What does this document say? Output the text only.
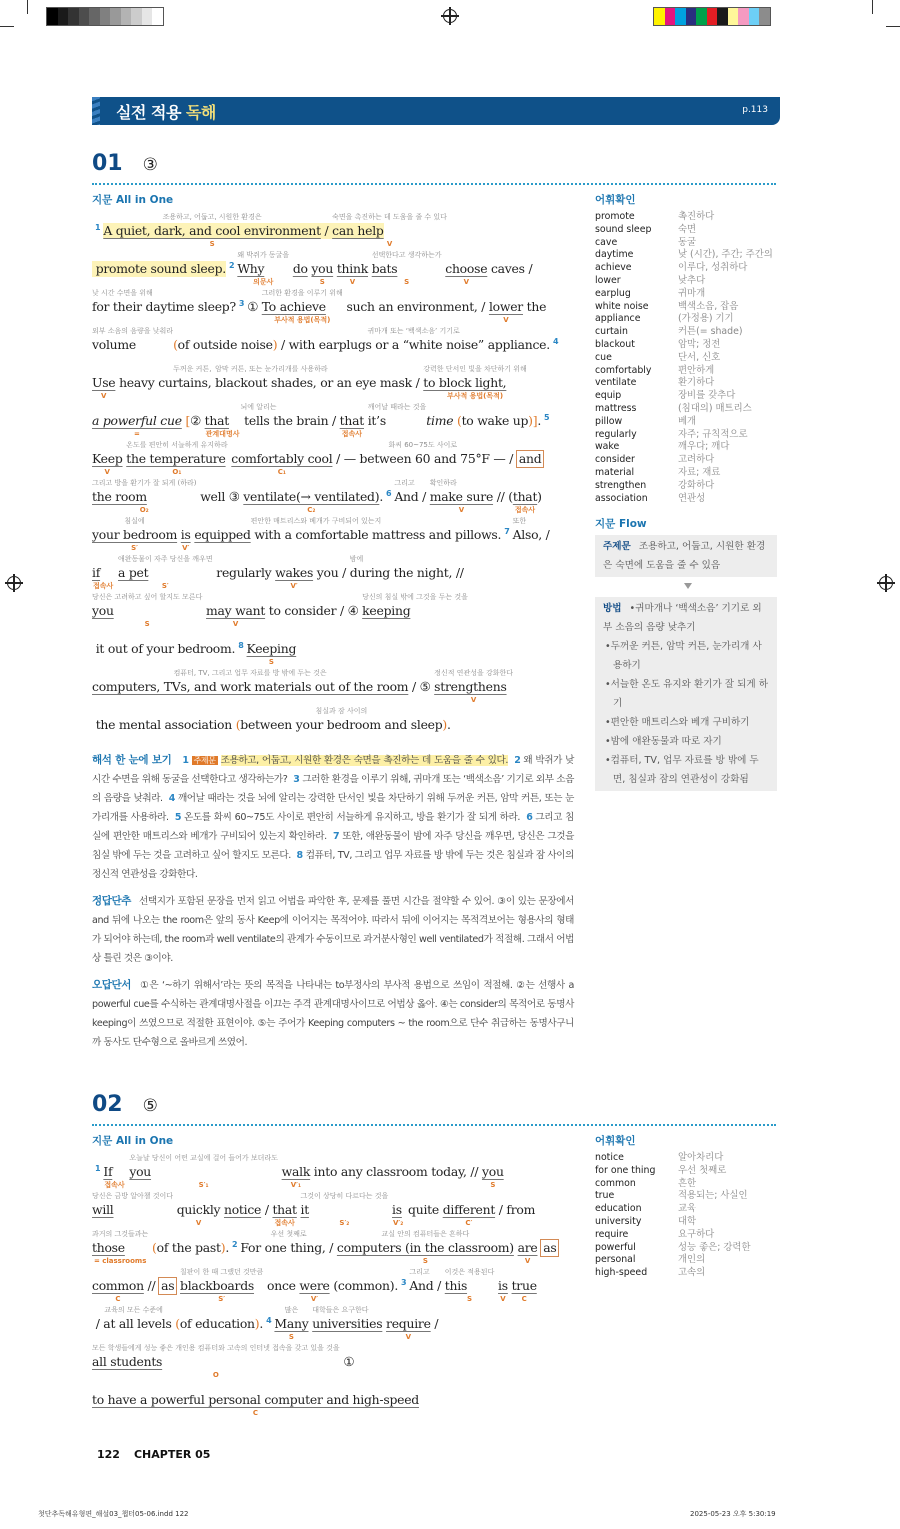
실전 적용 독해	p.113
01 ③
지문 All in One
1
조용하고, 어둡고, 시원한 환경은
A quiet, dark, and cool environment
S
/
숙면을 촉진하는 데 도움을 줄 수 있다
can help
V
promote sound sleep. 2
왜 박쥐가 동굴을
Why
의문사

do
you
S

think
V

선택한다고 생각하는가
bats
S

choose
V
caves /
낮 시간 수면을 위해
for their daytime sleep? 3 ①
그러한 환경을 이루기 위해
To achieve
부사적 용법(목적)
such an environment, / lower
V
the

외부 소음의 음량을 낮춰라
volume	( of outside noise )
귀마개 또는 ‘백색소음’ 기기로
/ with earplugs or a “white noise” appliance. 4
Use
V
두꺼운 커튼,
heavy curtains,

암막 커튼, 또는 눈가리개를 사용하라
blackout shades, or an eye mask /
강력한 단서인 빛을 차단하기 위해
to block light,
부사적 용법(목적)

a powerful cue
=

[ ② that
관계대명사
뇌에 알리는
tells the brain / that
접속사

깨어날 때라는 것을
it’s	time
( to wake up )] . 5
Keep
V

온도를 편안히 서늘하게 유지하라
the temperature
O₁

comfortably cool
C₁
화씨 60~75도 사이로
/ — between 60 and 75°F — /
and

그리고 방을 환기가 잘 되게 (하라)
the room
O₂
well ③ ventilate(→ ventilated)
C₂
. 6
그리고
And /
확인하라
make sure
V
// ( that
접속사
)
침실에
your bedroom
S′

is
V′

equipped
편안한 매트리스와 베개가 구비되어 있는지
with a comfortable mattress and pillows. 7
또한
Also, /
if
접속사

애완동물이 자주 당신을 깨우면
a pet
S′
regularly wakes
V′
you /

밤에
during the night, //
당신은 고려하고 싶어 할지도 모른다
you
S

may want
V
to consider / ④
당신의 침실 밖에 그것을 두는 것을
keeping
it out of your bedroom. 8 Keeping
S

컴퓨터, TV, 그리고 업무 자료를 방 밖에 두는 것은
computers, TVs, and work materials out of the room / ⑤
정신적 연관성을 강화한다
strengthens
V
the mental association
(
침실과 잠 사이의
between your bedroom and sleep ) .
해석 한 눈에 보기 1 주제문 조용하고, 어둡고, 시원한 환경은 숙면을 촉진하는 데 도움을 줄 수 있다. 2 왜 박쥐가 낮 시간 수면을 위해 동굴을 선택한다고 생각하는가? 3 그러한 환경을 이루기 위해, 귀마개 또는 ‘백색소음’ 기기로 외부 소음의 음량을 낮춰라. 4 깨어날 때라는 것을 뇌에 알리는 강력한 단서인 빛을 차단하기 위해 두꺼운 커튼, 암막 커튼, 또는 눈가리개를 사용하라. 5 온도를 화씨 60~75도 사이로 편안히 서늘하게 유지하고, 방을 환기가 잘 되게 하라. 6 그리고 침실에 편안한 매트리스와 베개가 구비되어 있는지 확인하라. 7 또한, 애완동물이 밤에 자주 당신을 깨우면, 당신은 그것을 침실 밖에 두는 것을 고려하고 싶어 할지도 모른다. 8 컴퓨터, TV, 그리고 업무 자료를 방 밖에 두는 것은 침실과 잠 사이의 정신적 연관성을 강화한다.
정답단추 선택지가 포함된 문장을 먼저 읽고 어법을 파악한 후, 문제를 풀면 시간을 절약할 수 있어. ③이 있는 문장에서 and 뒤에 나오는 the room은 앞의 동사 Keep에 이어지는 목적어야. 따라서 뒤에 이어지는 목적격보어는 형용사의 형태가 되어야 하는데, the room과 well ventilate의 관계가 수동이므로 과거분사형인 well ventilated가 적절해. 그래서 어법상 틀린 것은 ③이야.
오답단서 ①은 ‘~하기 위해서’라는 뜻의 목적을 나타내는 to부정사의 부사적 용법으로 쓰임이 적절해. ②는 선행사 a powerful cue를 수식하는 관계대명사절을 이끄는 주격 관계대명사이므로 어법상 옳아. ④는 consider의 목적어로 동명사 keeping이 쓰였으므로 적절한 표현이야. ⑤는 주어가 Keeping computers ~ the room으로 단수 취급하는 동명사구니까 동사도 단수형으로 올바르게 쓰였어.
어휘확인
promote	촉진하다
sound sleep	숙면
cave	동굴
daytime	낮 (시간), 주간; 주간의
achieve	이루다, 성취하다
lower	낮추다
earplug	귀마개
white noise	백색소음, 잡음
appliance	(가정용) 기기
curtain	커튼(= shade)
blackout	암막; 정전
cue	단서, 신호
comfortably	편안하게
ventilate	환기하다
equip	장비를 갖추다
mattress	(침대의) 매트리스
pillow	베개
regularly	자주; 규칙적으로
wake	깨우다; 깨다
consider	고려하다
material	자료; 재료
strengthen	강화하다
association	연관성
지문 Flow
주제문 조용하고, 어둡고, 시원한 환경은 숙면에 도움을 줄 수 있음
방법 •귀마개나 ‘백색소음’ 기기로 외부 소음의 음량 낮추기
•두꺼운 커튼, 암막 커튼, 눈가리개 사용하기
•서늘한 온도 유지와 환기가 잘 되게 하기
•편안한 매트리스와 베개 구비하기
•밤에 애완동물과 따로 자기
•컴퓨터, TV, 업무 자료를 방 밖에 두면, 침실과 잠의 연관성이 강화됨
02 ⑤
지문 All in One
1 If
접속사

오늘날 당신이 어떤 교실에 걸어 들어가 보더라도
you
S′₁

walk
V′₁
into any classroom today, // you
S

당신은 금방 알아챌 것이다
will	quickly
V
notice / that
접속사

그것이 상당히 다르다는 것을
it
S′₂

is
V′₂
quite different
C′
/
from
과거의 그것들과는
those
= classrooms

( of the past ) . 2
우선 첫째로
For one thing, /
교실 안의 컴퓨터들은 흔하다
computers (in the classroom)
S

are
V

as

common
C
// as

칠판이 한 때 그랬던 것만큼
blackboards
S′
once were
V′
(common). 3
그리고
And /
이것은 적용된다
this
S

is
V

true
C
교육의 모든 수준에
/ at all levels ( of education ) . 4
많은
Many
S

대학들은 요구한다
universities
require
V
/
모든 학생들에게 성능 좋은 개인용 컴퓨터와 고속의 인터넷 접속을 갖고 있을 것을
all students
O
①
to have a powerful personal computer and high-speed
C
어휘확인
notice	알아차리다
for one thing	우선 첫째로
common	흔한
true	적용되는; 사실인
education	교육
university	대학
require	요구하다
powerful	성능 좋은; 강력한
personal	개인의
high-speed	고속의
122 CHAPTER 05
첫단추독해유형편_해설03_챕터05-06.indd 122	2025-05-23 오후 5:30:19
